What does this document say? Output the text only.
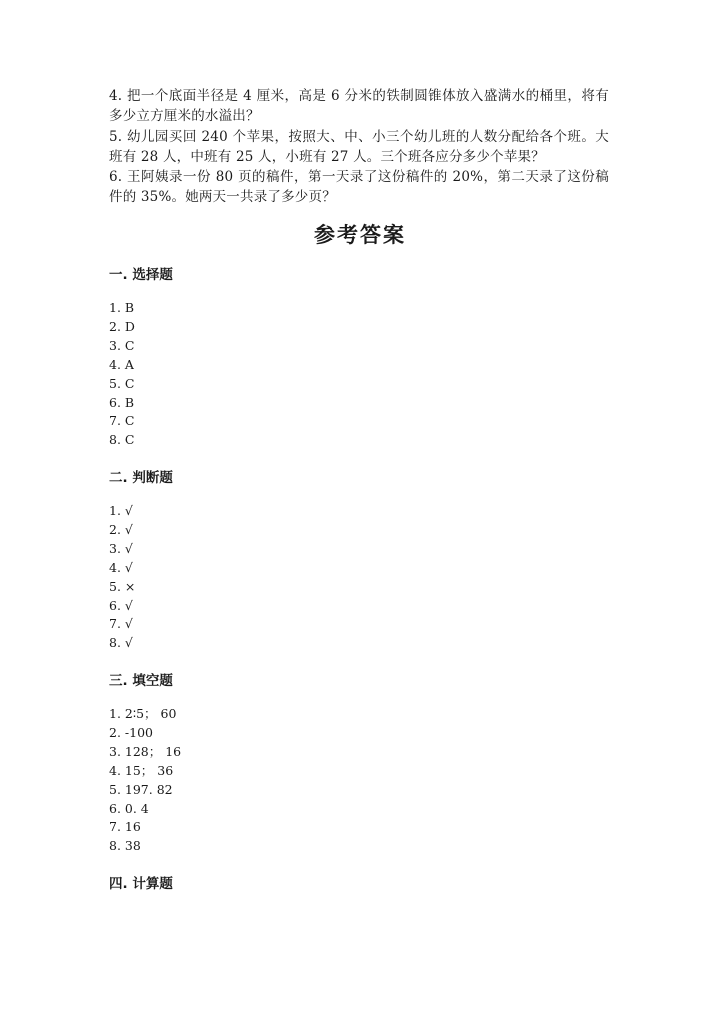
4. 把一个底面半径是 4 厘米，高是 6 分米的铁制圆锥体放入盛满水的桶里，将有多少立方厘米的水溢出？

5. 幼儿园买回 240 个苹果，按照大、中、小三个幼儿班的人数分配给各个班。大班有 28 人，中班有 25 人，小班有 27 人。三个班各应分多少个苹果？

6. 王阿姨录一份 80 页的稿件，第一天录了这份稿件的 20%，第二天录了这份稿件的 35%。她两天一共录了多少页？

参考答案
一. 选择题
1. B
2. D
3. C
4. A
5. C
6. B
7. C
8. C
二. 判断题
1. √
2. √
3. √
4. √
5. ×
6. √
7. √
8. √
三. 填空题
1. 2∶5； 60
2. -100
3. 128； 16
4. 15； 36
5. 197. 82
6. 0. 4
7. 16
8. 38
四. 计算题
